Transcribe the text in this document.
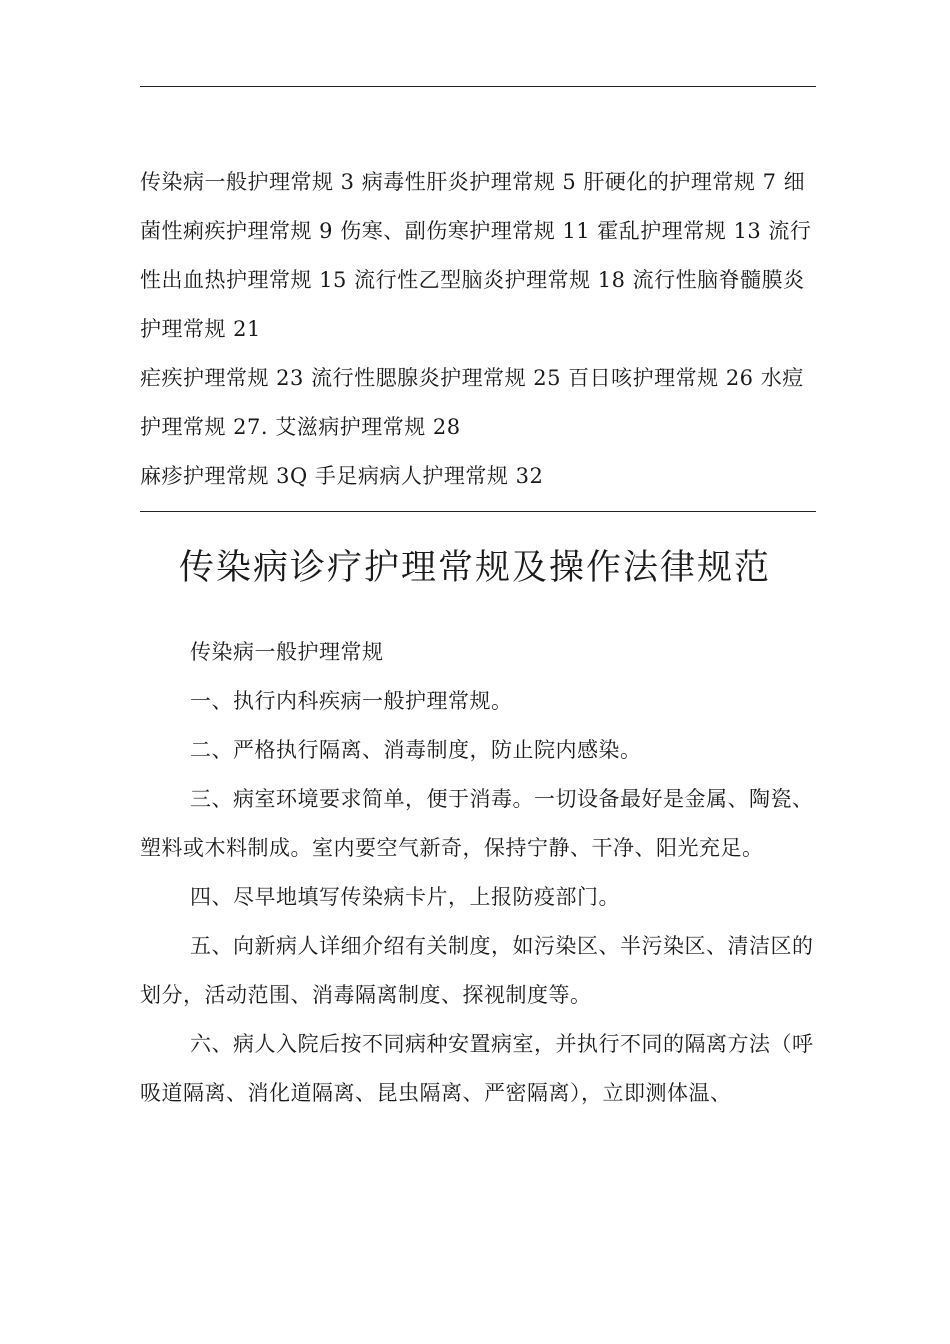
传染病一般护理常规 3 病毒性肝炎护理常规 5 肝硬化的护理常规 7 细

菌性痢疾护理常规 9 伤寒、副伤寒护理常规 11 霍乱护理常规 13 流行

性出血热护理常规 15 流行性乙型脑炎护理常规 18 流行性脑脊髓膜炎

护理常规 21

疟疾护理常规 23 流行性腮腺炎护理常规 25 百日咳护理常规 26 水痘

护理常规 27. 艾滋病护理常规 28

麻疹护理常规 3Q 手足病病人护理常规 32

传染病诊疗护理常规及操作法律规范

传染病一般护理常规

一、执行内科疾病一般护理常规。

二、严格执行隔离、消毒制度，防止院内感染。

三、病室环境要求简单，便于消毒。一切设备最好是金属、陶瓷、塑料或木料制成。室内要空气新奇，保持宁静、干净、阳光充足。

四、尽早地填写传染病卡片，上报防疫部门。

五、向新病人详细介绍有关制度，如污染区、半污染区、清洁区的划分，活动范围、消毒隔离制度、探视制度等。

六、病人入院后按不同病种安置病室，并执行不同的隔离方法（呼吸道隔离、消化道隔离、昆虫隔离、严密隔离），立即测体温、
